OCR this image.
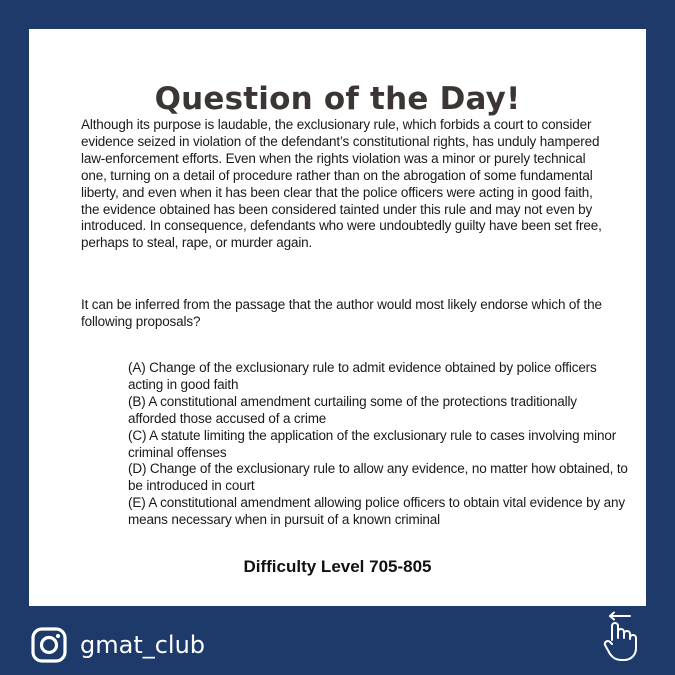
Question of the Day!
Although its purpose is laudable, the exclusionary rule, which forbids a court to consider evidence seized in violation of the defendant’s constitutional rights, has unduly hampered law-enforcement efforts. Even when the rights violation was a minor or purely technical one, turning on a detail of procedure rather than on the abrogation of some fundamental liberty, and even when it has been clear that the police officers were acting in good faith, the evidence obtained has been considered tainted under this rule and may not even by introduced. In consequence, defendants who were undoubtedly guilty have been set free, perhaps to steal, rape, or murder again.
It can be inferred from the passage that the author would most likely endorse which of the following proposals?
(A) Change of the exclusionary rule to admit evidence obtained by police officers acting in good faith
(B) A constitutional amendment curtailing some of the protections traditionally afforded those accused of a crime
(C) A statute limiting the application of the exclusionary rule to cases involving minor criminal offenses
(D) Change of the exclusionary rule to allow any evidence, no matter how obtained, to be introduced in court
(E) A constitutional amendment allowing police officers to obtain vital evidence by any means necessary when in pursuit of a known criminal
Difficulty Level 705-805
gmat_club
